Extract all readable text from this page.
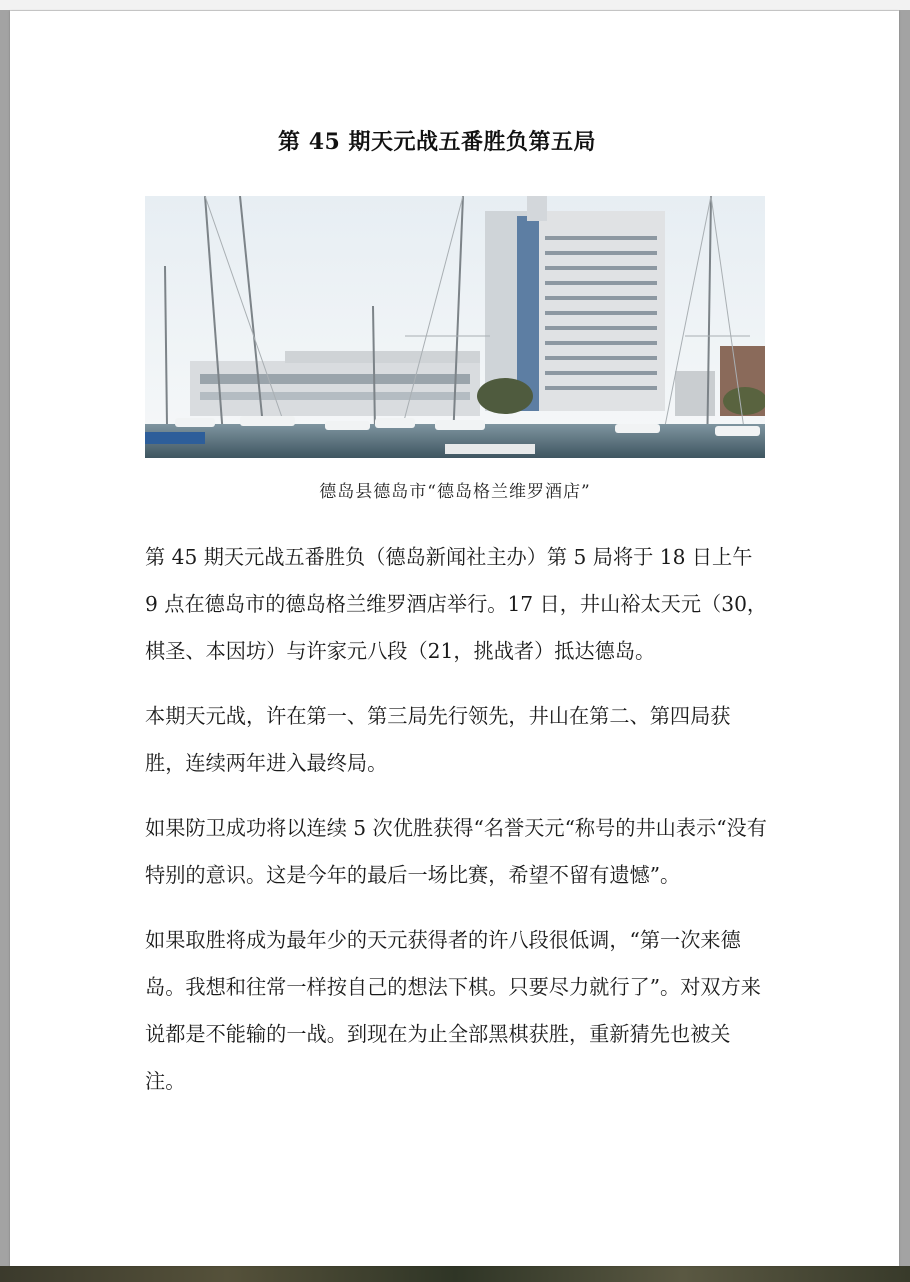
第 45 期天元战五番胜负第五局
德岛县德岛市“德岛格兰维罗酒店”

第 45 期天元战五番胜负（德岛新闻社主办）第 5 局将于 18 日上午 9 点在德岛市的德岛格兰维罗酒店举行。17 日，井山裕太天元（30，棋圣、本因坊）与许家元八段（21，挑战者）抵达德岛。

本期天元战，许在第一、第三局先行领先，井山在第二、第四局获胜，连续两年进入最终局。

如果防卫成功将以连续 5 次优胜获得“名誉天元“称号的井山表示“没有特别的意识。这是今年的最后一场比赛，希望不留有遗憾”。

如果取胜将成为最年少的天元获得者的许八段很低调，“第一次来德岛。我想和往常一样按自己的想法下棋。只要尽力就行了”。对双方来说都是不能输的一战。到现在为止全部黑棋获胜，重新猜先也被关注。
